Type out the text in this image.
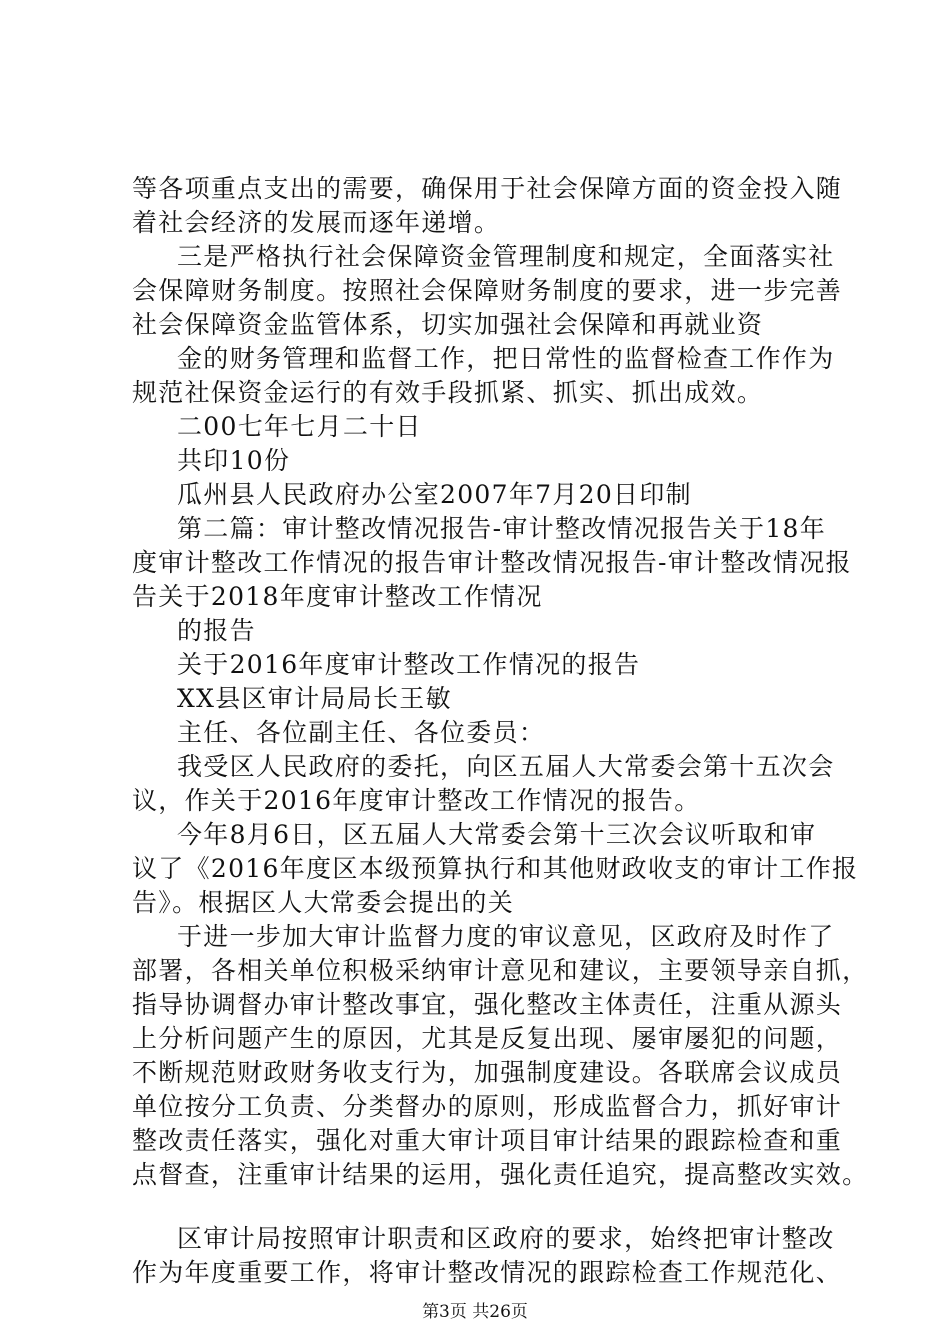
等各项重点支出的需要，确保用于社会保障方面的资金投入随
着社会经济的发展而逐年递增。
三是严格执行社会保障资金管理制度和规定，全面落实社
会保障财务制度。按照社会保障财务制度的要求，进一步完善
社会保障资金监管体系，切实加强社会保障和再就业资
金的财务管理和监督工作，把日常性的监督检查工作作为
规范社保资金运行的有效手段抓紧、抓实、抓出成效。
二00七年七月二十日
共印10份
瓜州县人民政府办公室2007年7月20日印制
第二篇：审计整改情况报告-审计整改情况报告关于18年
度审计整改工作情况的报告审计整改情况报告-审计整改情况报
告关于2018年度审计整改工作情况
的报告
关于2016年度审计整改工作情况的报告
XX县区审计局局长王敏
主任、各位副主任、各位委员：
我受区人民政府的委托，向区五届人大常委会第十五次会
议，作关于2016年度审计整改工作情况的报告。
今年8月6日，区五届人大常委会第十三次会议听取和审
议了《2016年度区本级预算执行和其他财政收支的审计工作报
告》。根据区人大常委会提出的关
于进一步加大审计监督力度的审议意见，区政府及时作了
部署，各相关单位积极采纳审计意见和建议，主要领导亲自抓，
指导协调督办审计整改事宜，强化整改主体责任，注重从源头
上分析问题产生的原因，尤其是反复出现、屡审屡犯的问题，
不断规范财政财务收支行为，加强制度建设。各联席会议成员
单位按分工负责、分类督办的原则，形成监督合力，抓好审计
整改责任落实，强化对重大审计项目审计结果的跟踪检查和重
点督查，注重审计结果的运用，强化责任追究，提高整改实效。
区审计局按照审计职责和区政府的要求，始终把审计整改
作为年度重要工作，将审计整改情况的跟踪检查工作规范化、
第3页 共26页
